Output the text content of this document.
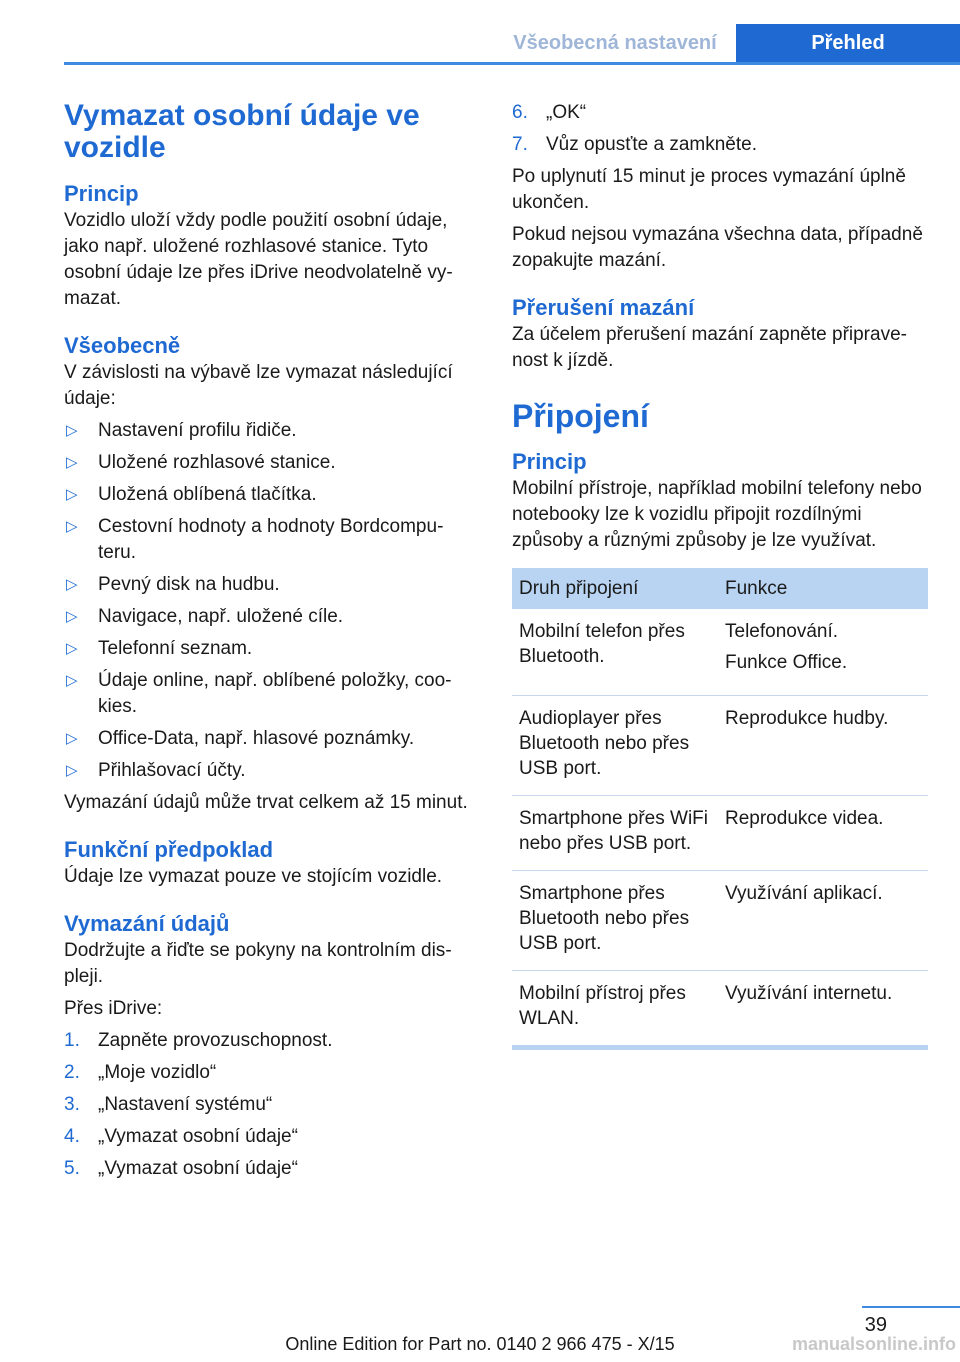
Všeobecná nastavení	Přehled
Vymazat osobní údaje ve vozidle
Princip

Vozidlo uloží vždy podle použití osobní údaje, jako např. uložené rozhlasové stanice. Tyto osobní údaje lze přes iDrive neodvolatelně vymazat.

Všeobecně

V závislosti na výbavě lze vymazat následující údaje:

▷ Nastavení profilu řidiče.
▷ Uložené rozhlasové stanice.
▷ Uložená oblíbená tlačítka.
▷ Cestovní hodnoty a hodnoty Bordcomputeru.
▷ Pevný disk na hudbu.
▷ Navigace, např. uložené cíle.
▷ Telefonní seznam.
▷ Údaje online, např. oblíbené položky, cookies.
▷ Office-Data, např. hlasové poznámky.
▷ Přihlašovací účty.

Vymazání údajů může trvat celkem až 15 minut.

Funkční předpoklad

Údaje lze vymazat pouze ve stojícím vozidle.

Vymazání údajů

Dodržujte a řiďte se pokyny na kontrolním displeji.

Přes iDrive:

1. Zapněte provozuschopnost.
2. „Moje vozidlo“
3. „Nastavení systému“
4. „Vymazat osobní údaje“
5. „Vymazat osobní údaje“
6. „OK“
7. Vůz opusťte a zamkněte.

Po uplynutí 15 minut je proces vymazání úplně ukončen.

Pokud nejsou vymazána všechna data, případně zopakujte mazání.

Přerušení mazání

Za účelem přerušení mazání zapněte připravenost k jízdě.

Připojení
Princip

Mobilní přístroje, například mobilní telefony nebo notebooky lze k vozidlu připojit rozdílnými způsoby a různými způsoby je lze využívat.

Druh připojení	Funkce
Mobilní telefon přes Bluetooth.	Telefonování.
Funkce Office.

Audioplayer přes Bluetooth nebo přes USB port.	Reprodukce hudby.
Smartphone přes WiFi nebo přes USB port.	Reprodukce videa.
Smartphone přes Bluetooth nebo přes USB port.	Využívání aplikací.
Mobilní přístroj přes WLAN.	Využívání internetu.
39
Online Edition for Part no. 0140 2 966 475 - X/15	manualsonline.info
